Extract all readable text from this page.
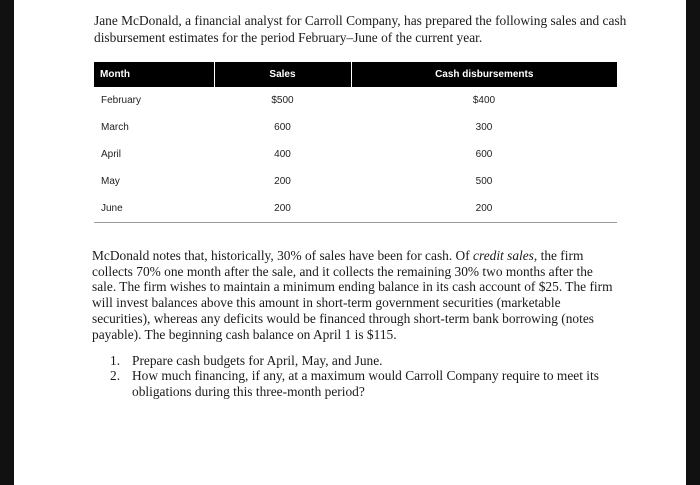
Jane McDonald, a financial analyst for Carroll Company, has prepared the following sales and cash disbursement estimates for the period February–June of the current year.

Month	Sales	Cash disbursements
February	$500	$400
March	600	300
April	400	600
May	200	500
June	200	200

McDonald notes that, historically, 30% of sales have been for cash. Of credit sales, the firm collects 70% one month after the sale, and it collects the remaining 30% two months after the sale. The firm wishes to maintain a minimum ending balance in its cash account of $25. The firm will invest balances above this amount in short-term government securities (marketable securities), whereas any deficits would be financed through short-term bank borrowing (notes payable). The beginning cash balance on April 1 is $115.

1. Prepare cash budgets for April, May, and June.
2. How much financing, if any, at a maximum would Carroll Company require to meet its obligations during this three-month period?
